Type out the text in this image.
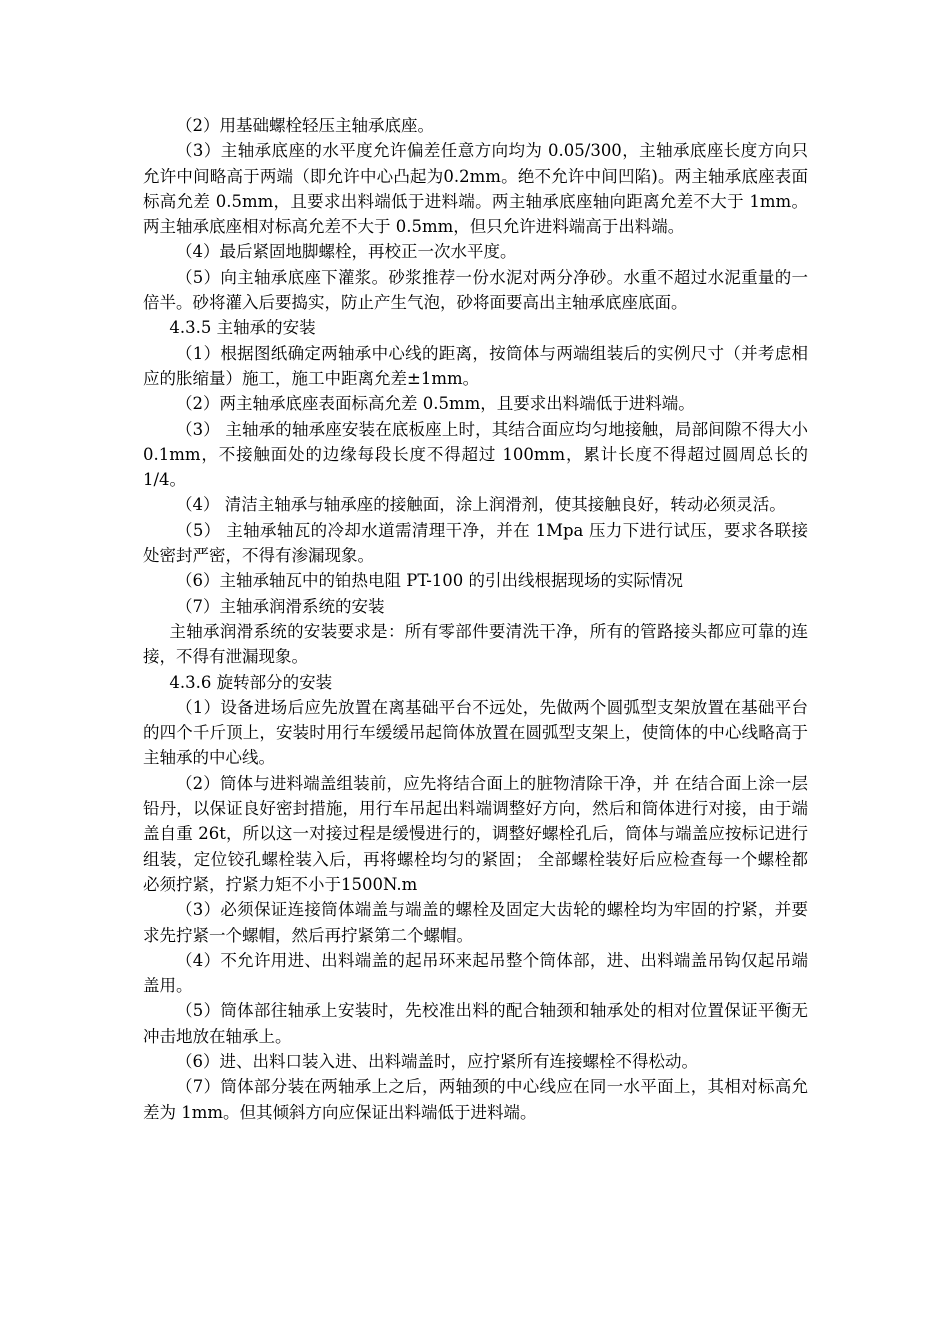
（2）用基础螺栓轻压主轴承底座。

（3）主轴承底座的水平度允许偏差任意方向均为 0.05/300，主轴承底座长度方向只允许中间略高于两端（即允许中心凸起为0.2mm。绝不允许中间凹陷)。两主轴承底座表面标高允差 0.5mm，且要求出料端低于进料端。两主轴承底座轴向距离允差不大于 1mm。两主轴承底座相对标高允差不大于 0.5mm，但只允许进料端高于出料端。

（4）最后紧固地脚螺栓，再校正一次水平度。

（5）向主轴承底座下灌浆。砂浆推荐一份水泥对两分净砂。水重不超过水泥重量的一倍半。砂将灌入后要捣实，防止产生气泡，砂将面要高出主轴承底座底面。

4.3.5 主轴承的安装

（1）根据图纸确定两轴承中心线的距离，按筒体与两端组装后的实例尺寸（并考虑相应的胀缩量）施工，施工中距离允差±1mm。

（2）两主轴承底座表面标高允差 0.5mm，且要求出料端低于进料端。

（3） 主轴承的轴承座安装在底板座上时，其结合面应均匀地接触，局部间隙不得大小 0.1mm，不接触面处的边缘每段长度不得超过 100mm，累计长度不得超过圆周总长的 1/4。

（4） 清洁主轴承与轴承座的接触面，涂上润滑剂，使其接触良好，转动必须灵活。

（5） 主轴承轴瓦的冷却水道需清理干净，并在 1Mpa 压力下进行试压，要求各联接处密封严密，不得有渗漏现象。

（6）主轴承轴瓦中的铂热电阻 PT-100 的引出线根据现场的实际情况

（7）主轴承润滑系统的安装

主轴承润滑系统的安装要求是：所有零部件要清洗干净，所有的管路接头都应可靠的连接，不得有泄漏现象。

4.3.6 旋转部分的安装

（1）设备进场后应先放置在离基础平台不远处，先做两个圆弧型支架放置在基础平台的四个千斤顶上，安装时用行车缓缓吊起筒体放置在圆弧型支架上，使筒体的中心线略高于主轴承的中心线。

（2）筒体与进料端盖组装前，应先将结合面上的脏物清除干净，并 在结合面上涂一层铅丹，以保证良好密封措施，用行车吊起出料端调整好方向，然后和筒体进行对接，由于端盖自重 26t，所以这一对接过程是缓慢进行的，调整好螺栓孔后，筒体与端盖应按标记进行组装，定位铰孔螺栓装入后，再将螺栓均匀的紧固； 全部螺栓装好后应检查每一个螺栓都必须拧紧，拧紧力矩不小于1500N.m

（3）必须保证连接筒体端盖与端盖的螺栓及固定大齿轮的螺栓均为牢固的拧紧，并要求先拧紧一个螺帽，然后再拧紧第二个螺帽。

（4）不允许用进、出料端盖的起吊环来起吊整个筒体部，进、出料端盖吊钩仅起吊端盖用。

（5）筒体部往轴承上安装时，先校准出料的配合轴颈和轴承处的相对位置保证平衡无冲击地放在轴承上。

（6）进、出料口装入进、出料端盖时，应拧紧所有连接螺栓不得松动。

（7）筒体部分装在两轴承上之后，两轴颈的中心线应在同一水平面上，其相对标高允差为 1mm。但其倾斜方向应保证出料端低于进料端。
